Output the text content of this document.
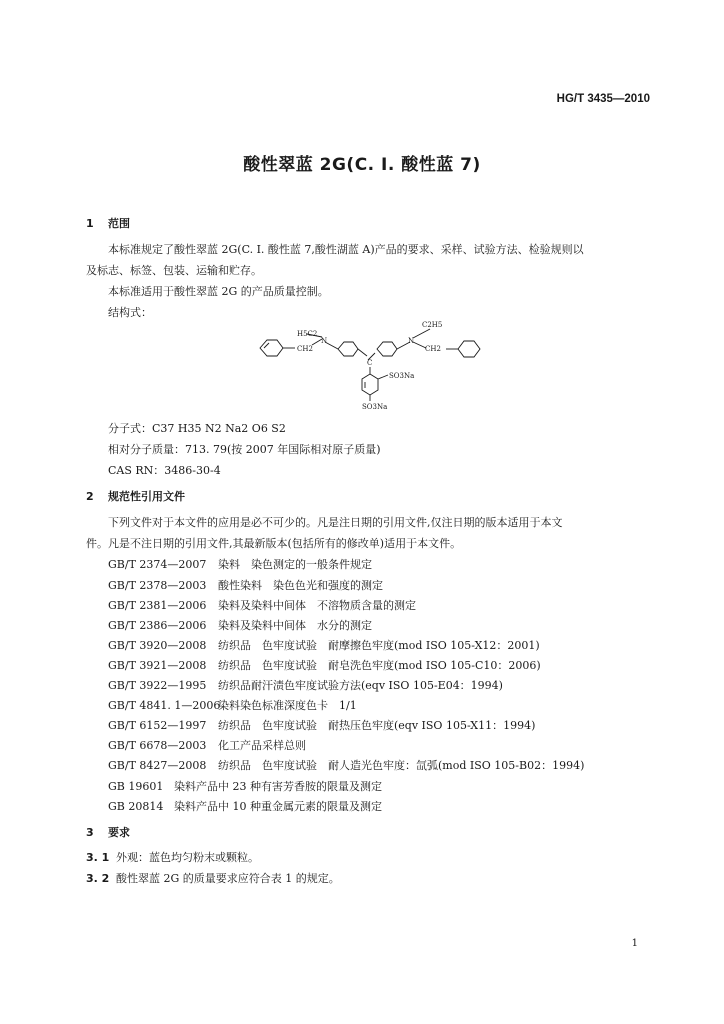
HG/T 3435—2010
酸性翠蓝 2G(C. I. 酸性蓝 7)
1 范围
本标准规定了酸性翠蓝 2G(C. I. 酸性蓝 7,酸性湖蓝 A)产品的要求、采样、试验方法、检验规则以
及标志、标签、包装、运输和贮存。
本标准适用于酸性翠蓝 2G 的产品质量控制。
结构式：
H5C2
N
CH2
C
N
C2H5
CH2
SO3Na
SO3Na
分子式：C37 H35 N2 Na2 O6 S2
相对分子质量：713. 79(按 2007 年国际相对原子质量)
CAS RN：3486-30-4
2 规范性引用文件
下列文件对于本文件的应用是必不可少的。凡是注日期的引用文件,仅注日期的版本适用于本文
件。凡是不注日期的引用文件,其最新版本(包括所有的修改单)适用于本文件。
GB/T 2374—2007 染料　染色测定的一般条件规定
GB/T 2378—2003 酸性染料　染色色光和强度的测定
GB/T 2381—2006 染料及染料中间体　不溶物质含量的测定
GB/T 2386—2006 染料及染料中间体　水分的测定
GB/T 3920—2008 纺织品　色牢度试验　耐摩擦色牢度(mod ISO 105-X12：2001)
GB/T 3921—2008 纺织品　色牢度试验　耐皂洗色牢度(mod ISO 105-C10：2006)
GB/T 3922—1995 纺织品耐汗渍色牢度试验方法(eqv ISO 105-E04：1994)
GB/T 4841. 1—2006染料染色标准深度色卡　1/1
GB/T 6152—1997 纺织品　色牢度试验　耐热压色牢度(eqv ISO 105-X11：1994)
GB/T 6678—2003 化工产品采样总则
GB/T 8427—2008 纺织品　色牢度试验　耐人造光色牢度：氙弧(mod ISO 105-B02：1994)
GB 19601 染料产品中 23 种有害芳香胺的限量及测定
GB 20814 染料产品中 10 种重金属元素的限量及测定
3 要求
3. 1 外观：蓝色均匀粉末或颗粒。
3. 2 酸性翠蓝 2G 的质量要求应符合表 1 的规定。
1
